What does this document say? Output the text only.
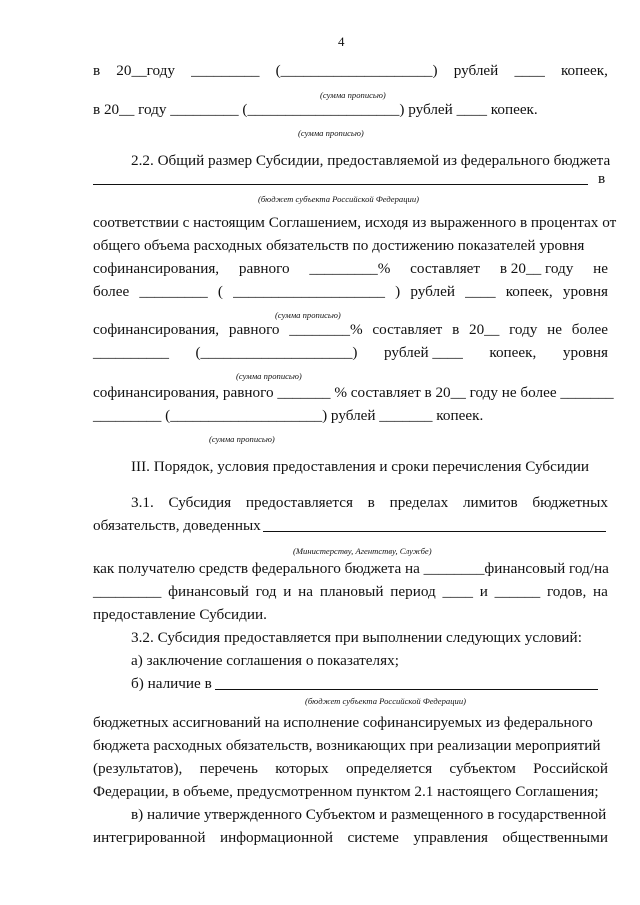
4
в 20__году _________ (____________________) рублей ____ копеек,
(сумма прописью)
в 20__ году _________ (____________________) рублей ____ копеек.
(сумма прописью)
2.2. Общий размер Субсидии, предоставляемой из федерального бюджета
в
(бюджет субъекта Российской Федерации)
соответствии с настоящим Соглашением, исходя из выраженного в процентах от
общего объема расходных обязательств по достижению показателей уровня
софинансирования, равного _________% составляет в 20__ году не
более _________ ( ____________________ ) рублей ____ копеек, уровня
(сумма прописью)
софинансирования, равного ________% составляет в 20__ году не более
__________ (____________________) рублей ____ копеек, уровня
(сумма прописью)
софинансирования, равного _______ % составляет в 20__ году не более _______
_________ (____________________) рублей _______ копеек.
(сумма прописью)
III. Порядок, условия предоставления и сроки перечисления Субсидии
3.1. Субсидия предоставляется в пределах лимитов бюджетных
обязательств, доведенных
(Министерству, Агентству, Службе)
как получателю средств федерального бюджета на ________финансовый год/на
_________ финансовый год и на плановый период ____ и ______ годов, на
предоставление Субсидии.
3.2. Субсидия предоставляется при выполнении следующих условий:
а) заключение соглашения о показателях;
б) наличие в
(бюджет субъекта Российской Федерации)
бюджетных ассигнований на исполнение софинансируемых из федерального
бюджета расходных обязательств, возникающих при реализации мероприятий
(результатов), перечень которых определяется субъектом Российской
Федерации, в объеме, предусмотренном пунктом 2.1 настоящего Соглашения;
в) наличие утвержденного Субъектом и размещенного в государственной
интегрированной информационной системе управления общественными
